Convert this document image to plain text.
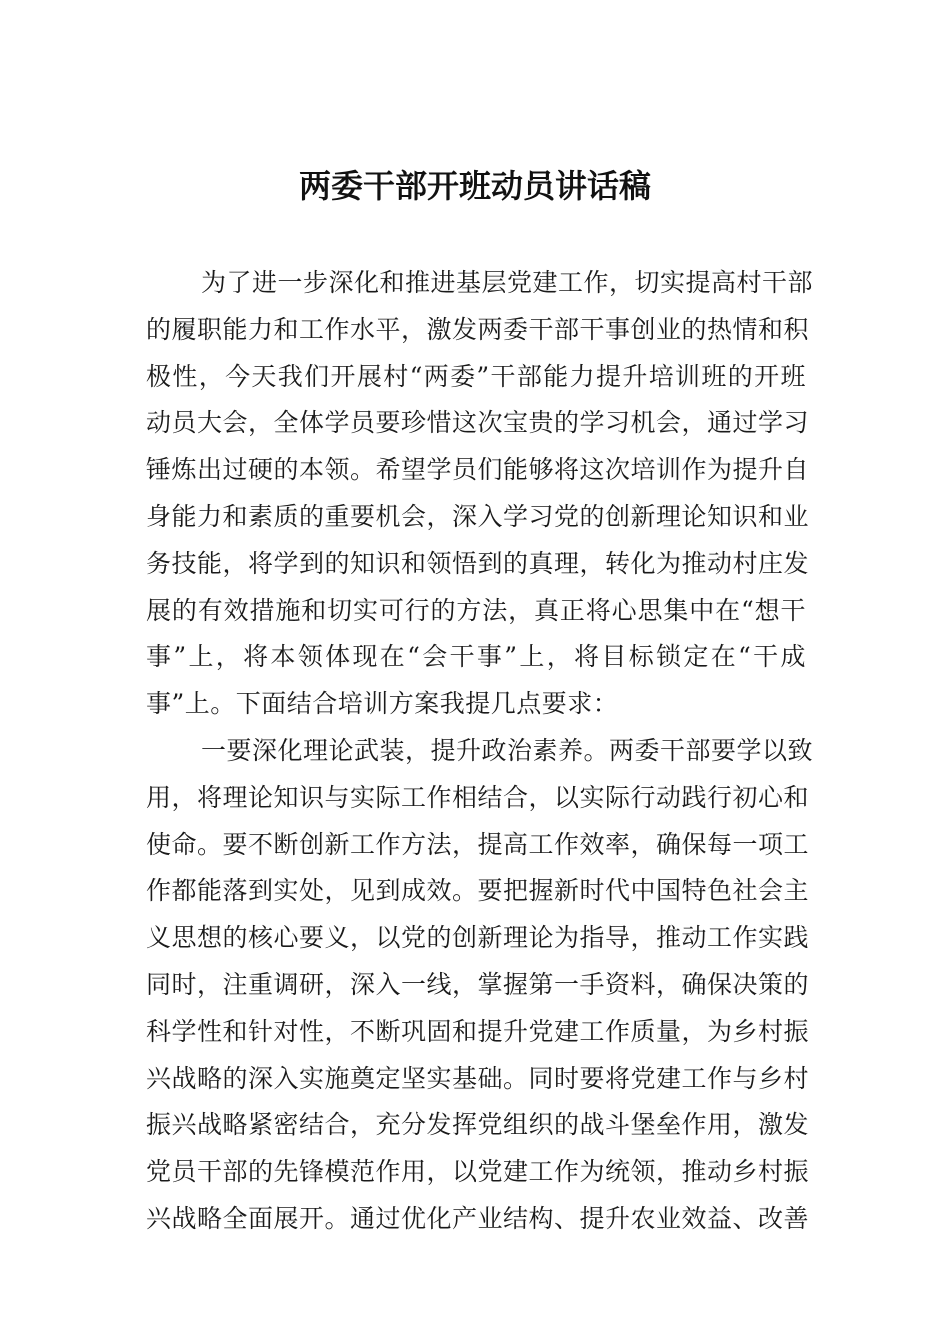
两委干部开班动员讲话稿
为了进一步深化和推进基层党建工作，切实提高村干部
的履职能力和工作水平，激发两委干部干事创业的热情和积
极性，今天我们开展村“两委”干部能力提升培训班的开班
动员大会，全体学员要珍惜这次宝贵的学习机会，通过学习
锤炼出过硬的本领。希望学员们能够将这次培训作为提升自
身能力和素质的重要机会，深入学习党的创新理论知识和业
务技能，将学到的知识和领悟到的真理，转化为推动村庄发
展的有效措施和切实可行的方法，真正将心思集中在“想干
事”上，将本领体现在“会干事”上，将目标锁定在“干成
事”上。下面结合培训方案我提几点要求：
一要深化理论武装，提升政治素养。两委干部要学以致
用，将理论知识与实际工作相结合，以实际行动践行初心和
使命。要不断创新工作方法，提高工作效率，确保每一项工
作都能落到实处，见到成效。要把握新时代中国特色社会主
义思想的核心要义，以党的创新理论为指导，推动工作实践
同时，注重调研，深入一线，掌握第一手资料，确保决策的
科学性和针对性，不断巩固和提升党建工作质量，为乡村振
兴战略的深入实施奠定坚实基础。同时要将党建工作与乡村
振兴战略紧密结合，充分发挥党组织的战斗堡垒作用，激发
党员干部的先锋模范作用，以党建工作为统领，推动乡村振
兴战略全面展开。通过优化产业结构、提升农业效益、改善
